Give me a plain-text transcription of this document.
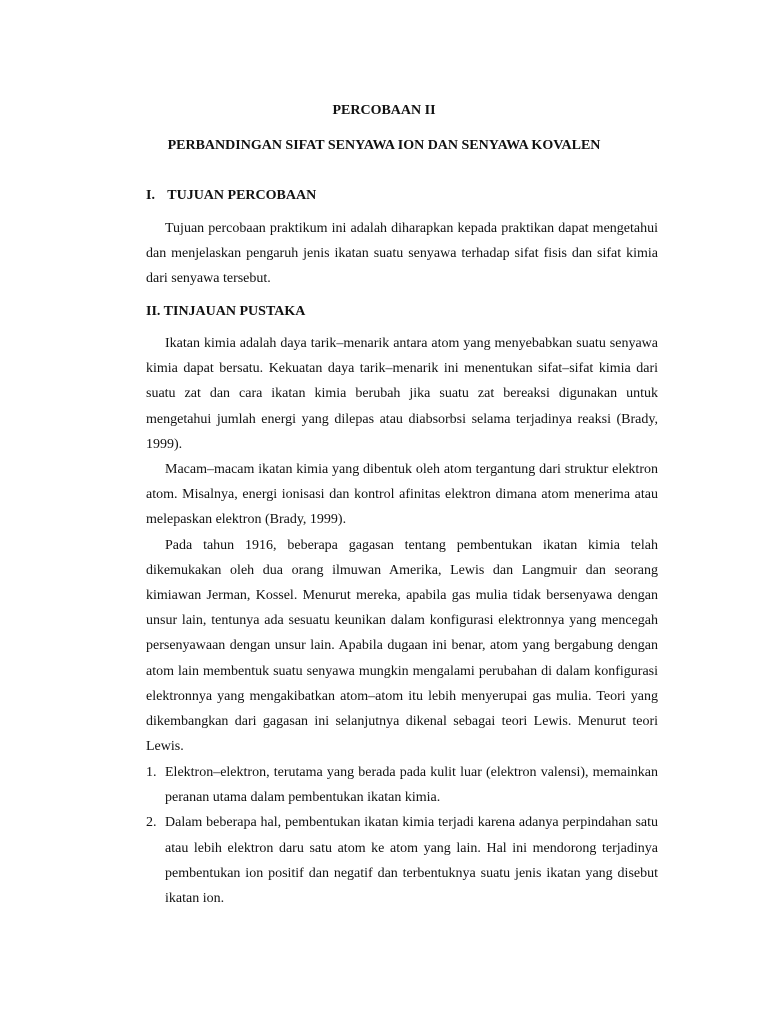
PERCOBAAN II
PERBANDINGAN SIFAT SENYAWA ION DAN SENYAWA KOVALEN
I. TUJUAN PERCOBAAN

Tujuan percobaan praktikum ini adalah diharapkan kepada praktikan dapat mengetahui dan menjelaskan pengaruh jenis ikatan suatu senyawa terhadap sifat fisis dan sifat kimia dari senyawa tersebut.

II. TINJAUAN PUSTAKA

Ikatan kimia adalah daya tarik–menarik antara atom yang menyebabkan suatu senyawa kimia dapat bersatu. Kekuatan daya tarik–menarik ini menentukan sifat–sifat kimia dari suatu zat dan cara ikatan kimia berubah jika suatu zat bereaksi digunakan untuk mengetahui jumlah energi yang dilepas atau diabsorbsi selama terjadinya reaksi (Brady, 1999).

Macam–macam ikatan kimia yang dibentuk oleh atom tergantung dari struktur elektron atom. Misalnya, energi ionisasi dan kontrol afinitas elektron dimana atom menerima atau melepaskan elektron (Brady, 1999).

Pada tahun 1916, beberapa gagasan tentang pembentukan ikatan kimia telah dikemukakan oleh dua orang ilmuwan Amerika, Lewis dan Langmuir dan seorang kimiawan Jerman, Kossel. Menurut mereka, apabila gas mulia tidak bersenyawa dengan unsur lain, tentunya ada sesuatu keunikan dalam konfigurasi elektronnya yang mencegah persenyawaan dengan unsur lain. Apabila dugaan ini benar, atom yang bergabung dengan atom lain membentuk suatu senyawa mungkin mengalami perubahan di dalam konfigurasi elektronnya yang mengakibatkan atom–atom itu lebih menyerupai gas mulia. Teori yang dikembangkan dari gagasan ini selanjutnya dikenal sebagai teori Lewis. Menurut teori Lewis.

1. Elektron–elektron, terutama yang berada pada kulit luar (elektron valensi), memainkan peranan utama dalam pembentukan ikatan kimia.
2. Dalam beberapa hal, pembentukan ikatan kimia terjadi karena adanya perpindahan satu atau lebih elektron daru satu atom ke atom yang lain. Hal ini mendorong terjadinya pembentukan ion positif dan negatif dan terbentuknya suatu jenis ikatan yang disebut ikatan ion.
